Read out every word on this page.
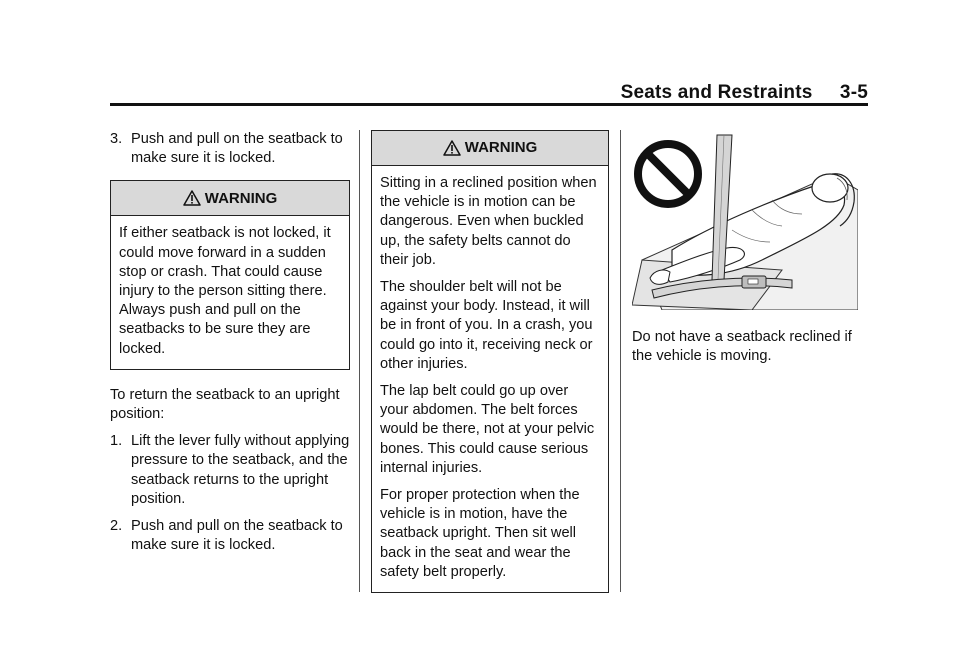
Seats and Restraints     3-5
3. Push and pull on the seatback to make sure it is locked.
WARNING

If either seatback is not locked, it could move forward in a sudden stop or crash. That could cause injury to the person sitting there. Always push and pull on the seatbacks to be sure they are locked.

To return the seatback to an upright position:

1. Lift the lever fully without applying pressure to the seatback, and the seatback returns to the upright position.
2. Push and pull on the seatback to make sure it is locked.
WARNING

Sitting in a reclined position when the vehicle is in motion can be dangerous. Even when buckled up, the safety belts cannot do their job.

The shoulder belt will not be against your body. Instead, it will be in front of you. In a crash, you could go into it, receiving neck or other injuries.

The lap belt could go up over your abdomen. The belt forces would be there, not at your pelvic bones. This could cause serious internal injuries.

For proper protection when the vehicle is in motion, have the seatback upright. Then sit well back in the seat and wear the safety belt properly.

Do not have a seatback reclined if the vehicle is moving.
